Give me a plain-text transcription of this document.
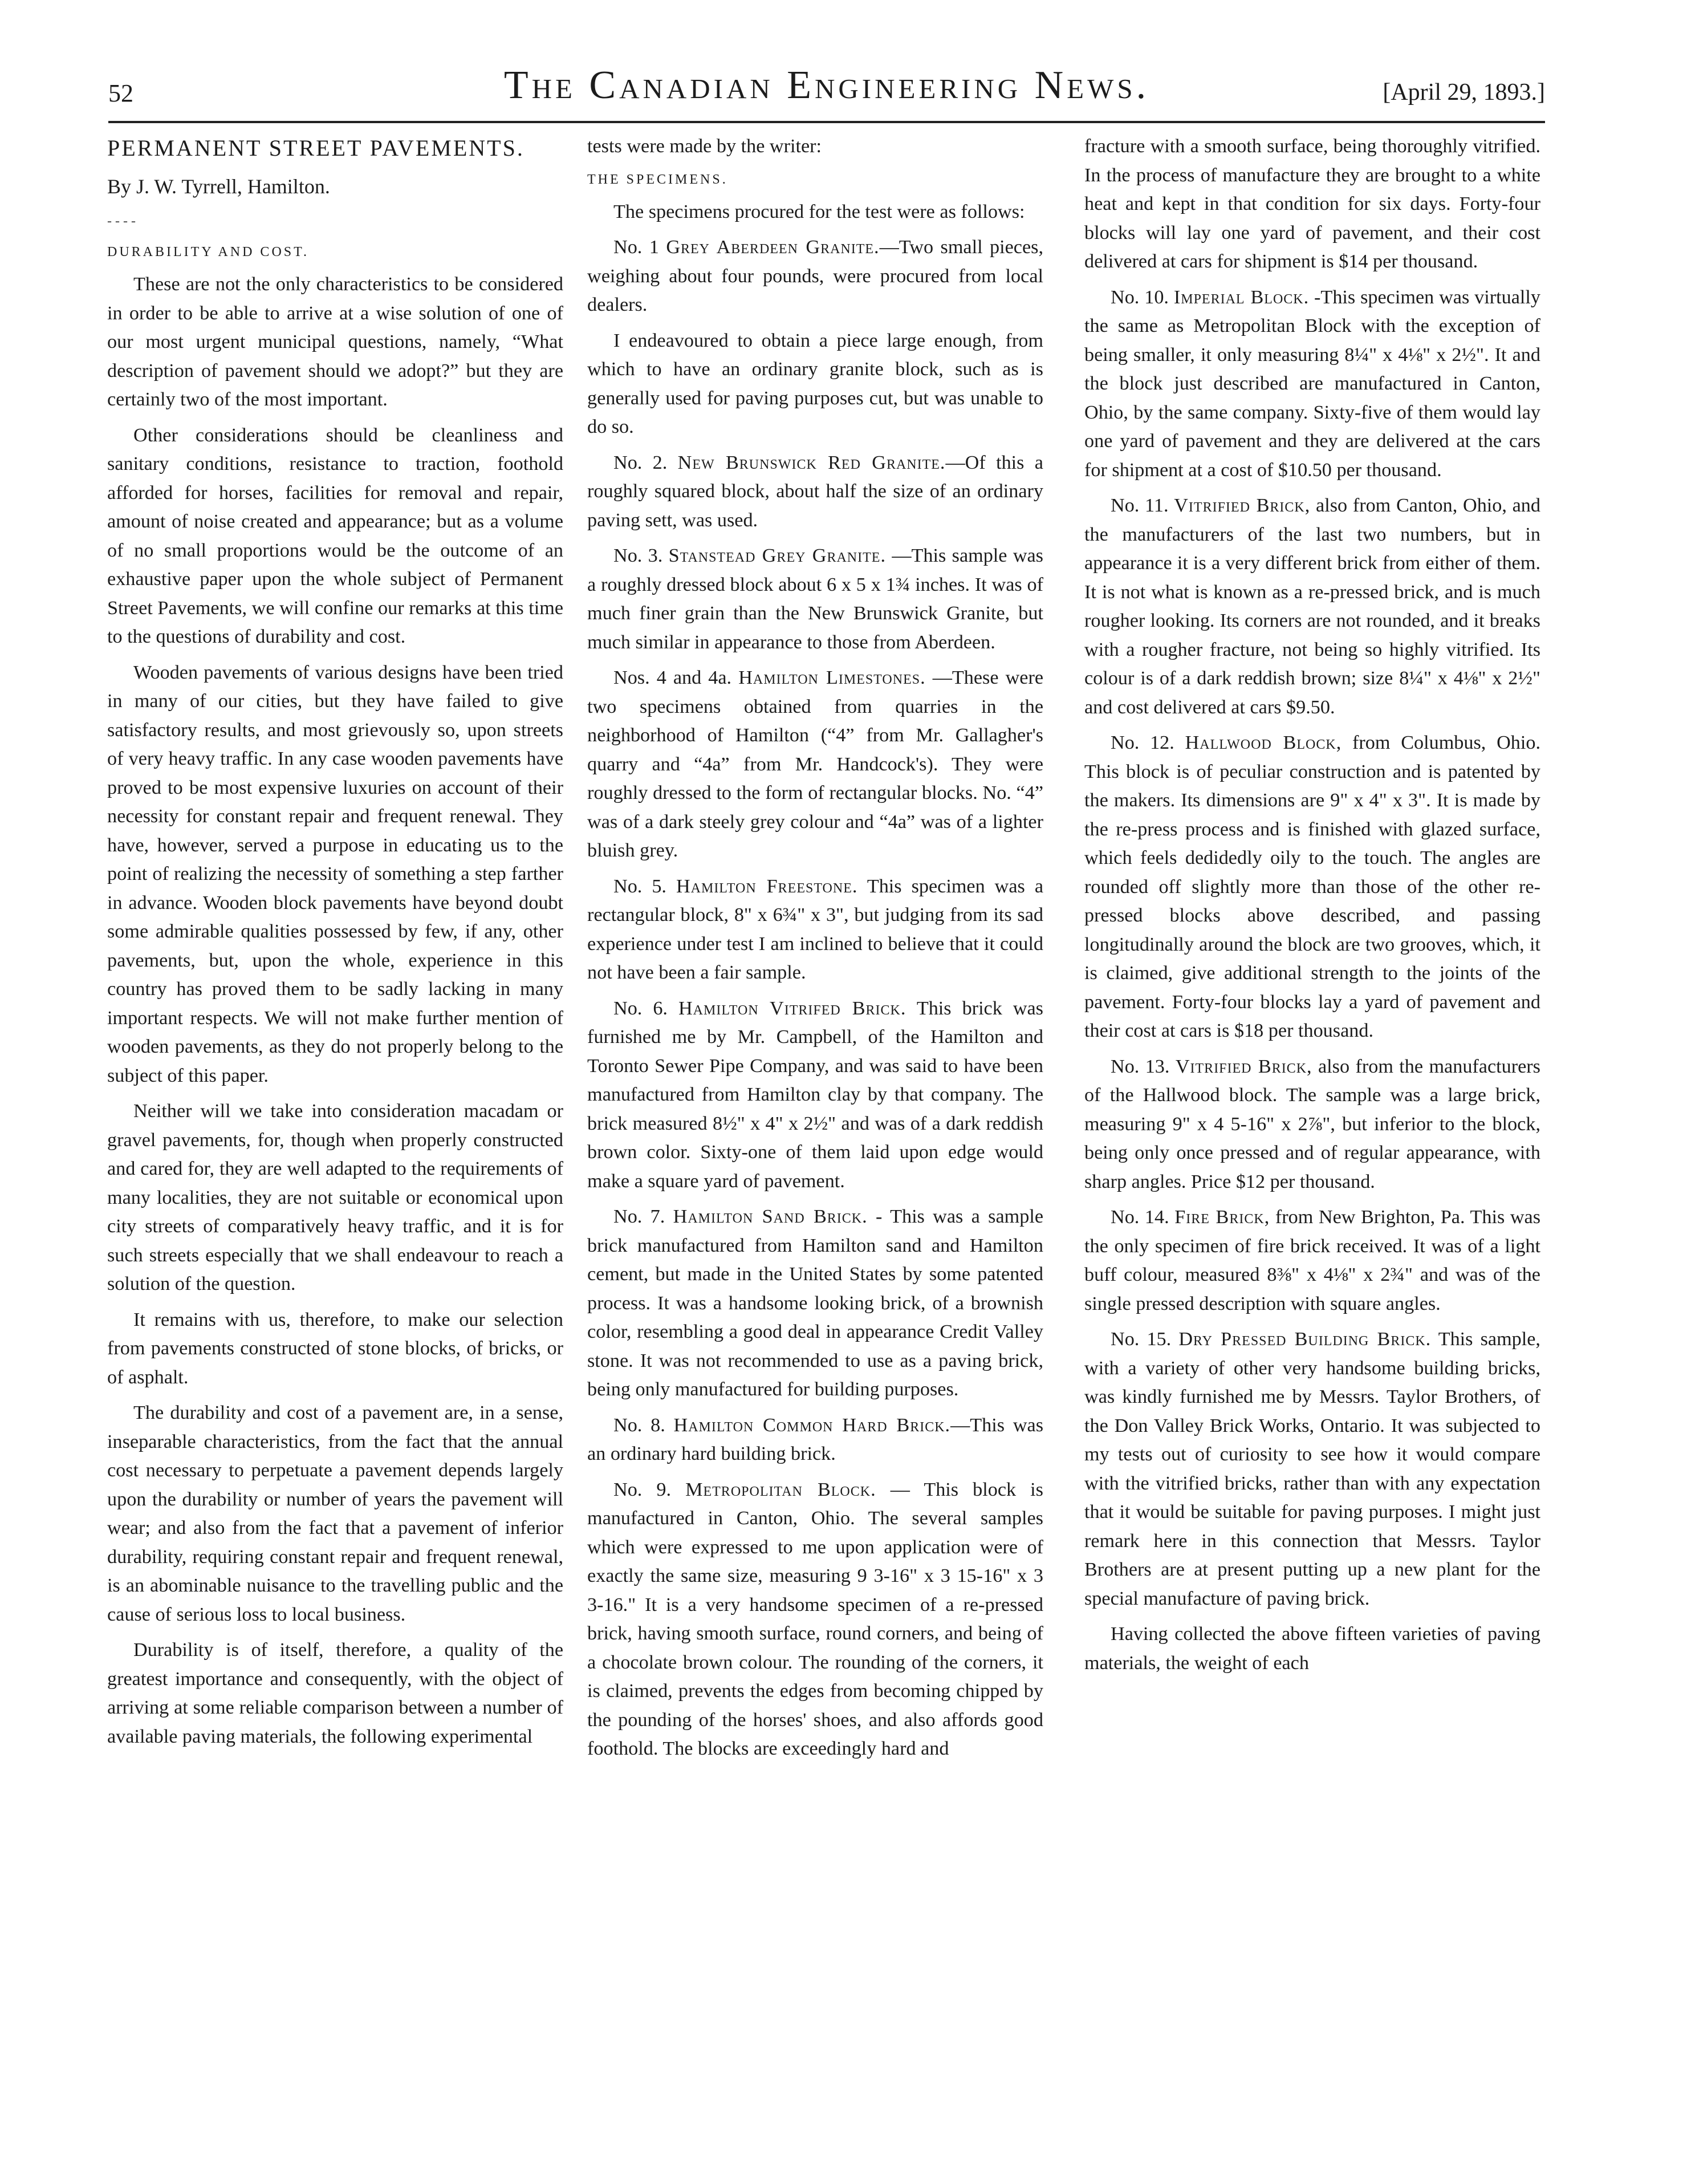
52	The Canadian Engineering News.	[April 29, 1893.]

PERMANENT STREET PAVEMENTS.

By J. W. Tyrrell, Hamilton.

- - - -

DURABILITY AND COST.

These are not the only characteristics to be considered in order to be able to arrive at a wise solution of one of our most urgent municipal questions, namely, “What description of pavement should we adopt?” but they are certainly two of the most important.

Other considerations should be cleanliness and sanitary conditions, resistance to traction, foothold afforded for horses, facilities for removal and repair, amount of noise created and appearance; but as a volume of no small proportions would be the outcome of an exhaustive paper upon the whole subject of Permanent Street Pavements, we will confine our remarks at this time to the questions of durability and cost.

Wooden pavements of various designs have been tried in many of our cities, but they have failed to give satisfactory results, and most grievously so, upon streets of very heavy traffic. In any case wooden pavements have proved to be most expensive luxuries on account of their necessity for constant repair and frequent renewal. They have, however, served a purpose in educating us to the point of realizing the necessity of something a step farther in advance. Wooden block pavements have beyond doubt some admirable qualities possessed by few, if any, other pavements, but, upon the whole, experience in this country has proved them to be sadly lacking in many important respects. We will not make further mention of wooden pavements, as they do not properly belong to the subject of this paper.

Neither will we take into consideration macadam or gravel pavements, for, though when properly constructed and cared for, they are well adapted to the requirements of many localities, they are not suitable or economical upon city streets of comparatively heavy traffic, and it is for such streets especially that we shall endeavour to reach a solution of the question.

It remains with us, therefore, to make our selection from pavements constructed of stone blocks, of bricks, or of asphalt.

The durability and cost of a pavement are, in a sense, inseparable characteristics, from the fact that the annual cost necessary to perpetuate a pavement depends largely upon the durability or number of years the pavement will wear; and also from the fact that a pavement of inferior durability, requiring constant repair and frequent renewal, is an abominable nuisance to the travelling public and the cause of serious loss to local business.

Durability is of itself, therefore, a quality of the greatest importance and consequently, with the object of arriving at some reliable comparison between a number of available paving materials, the following experimental

tests were made by the writer:

THE SPECIMENS.

The specimens procured for the test were as follows:

No. 1 Grey Aberdeen Granite.—Two small pieces, weighing about four pounds, were procured from local dealers.

I endeavoured to obtain a piece large enough, from which to have an ordinary granite block, such as is generally used for paving purposes cut, but was unable to do so.

No. 2. New Brunswick Red Granite.—Of this a roughly squared block, about half the size of an ordinary paving sett, was used.

No. 3. Stanstead Grey Granite. —This sample was a roughly dressed block about 6 x 5 x 1¾ inches. It was of much finer grain than the New Brunswick Granite, but much similar in appearance to those from Aberdeen.

Nos. 4 and 4a. Hamilton Limestones. —These were two specimens obtained from quarries in the neighborhood of Hamilton (“4” from Mr. Gallagher's quarry and “4a” from Mr. Handcock's). They were roughly dressed to the form of rectangular blocks. No. “4” was of a dark steely grey colour and “4a” was of a lighter bluish grey.

No. 5. Hamilton Freestone. This specimen was a rectangular block, 8" x 6¾" x 3", but judging from its sad experience under test I am inclined to believe that it could not have been a fair sample.

No. 6. Hamilton Vitrifed Brick. This brick was furnished me by Mr. Campbell, of the Hamilton and Toronto Sewer Pipe Company, and was said to have been manufactured from Hamilton clay by that company. The brick measured 8½" x 4" x 2½" and was of a dark reddish brown color. Sixty-one of them laid upon edge would make a square yard of pavement.

No. 7. Hamilton Sand Brick. - This was a sample brick manufactured from Hamilton sand and Hamilton cement, but made in the United States by some patented process. It was a handsome looking brick, of a brownish color, resembling a good deal in appearance Credit Valley stone. It was not recommended to use as a paving brick, being only manufactured for building purposes.

No. 8. Hamilton Common Hard Brick.—This was an ordinary hard building brick.

No. 9. Metropolitan Block. — This block is manufactured in Canton, Ohio. The several samples which were expressed to me upon application were of exactly the same size, measuring 9 3-16" x 3 15-16" x 3 3-16." It is a very handsome specimen of a re-pressed brick, having smooth surface, round corners, and being of a chocolate brown colour. The rounding of the corners, it is claimed, prevents the edges from becoming chipped by the pounding of the horses' shoes, and also affords good foothold. The blocks are exceedingly hard and

fracture with a smooth surface, being thoroughly vitrified. In the process of manufacture they are brought to a white heat and kept in that condition for six days. Forty-four blocks will lay one yard of pavement, and their cost delivered at cars for shipment is $14 per thousand.

No. 10. Imperial Block. -This specimen was virtually the same as Metropolitan Block with the exception of being smaller, it only measuring 8¼" x 4⅛" x 2½". It and the block just described are manufactured in Canton, Ohio, by the same company. Sixty-five of them would lay one yard of pavement and they are delivered at the cars for shipment at a cost of $10.50 per thousand.

No. 11. Vitrified Brick, also from Canton, Ohio, and the manufacturers of the last two numbers, but in appearance it is a very different brick from either of them. It is not what is known as a re-pressed brick, and is much rougher looking. Its corners are not rounded, and it breaks with a rougher fracture, not being so highly vitrified. Its colour is of a dark reddish brown; size 8¼" x 4⅛" x 2½" and cost delivered at cars $9.50.

No. 12. Hallwood Block, from Columbus, Ohio. This block is of peculiar construction and is patented by the makers. Its dimensions are 9" x 4" x 3". It is made by the re-press process and is finished with glazed surface, which feels dedidedly oily to the touch. The angles are rounded off slightly more than those of the other re-pressed blocks above described, and passing longitudinally around the block are two grooves, which, it is claimed, give additional strength to the joints of the pavement. Forty-four blocks lay a yard of pavement and their cost at cars is $18 per thousand.

No. 13. Vitrified Brick, also from the manufacturers of the Hallwood block. The sample was a large brick, measuring 9" x 4 5-16" x 2⅞", but inferior to the block, being only once pressed and of regular appearance, with sharp angles. Price $12 per thousand.

No. 14. Fire Brick, from New Brighton, Pa. This was the only specimen of fire brick received. It was of a light buff colour, measured 8⅜" x 4⅛" x 2¾" and was of the single pressed description with square angles.

No. 15. Dry Pressed Building Brick. This sample, with a variety of other very handsome building bricks, was kindly furnished me by Messrs. Taylor Brothers, of the Don Valley Brick Works, Ontario. It was subjected to my tests out of curiosity to see how it would compare with the vitrified bricks, rather than with any expectation that it would be suitable for paving purposes. I might just remark here in this connection that Messrs. Taylor Brothers are at present putting up a new plant for the special manufacture of paving brick.

Having collected the above fifteen varieties of paving materials, the weight of each
